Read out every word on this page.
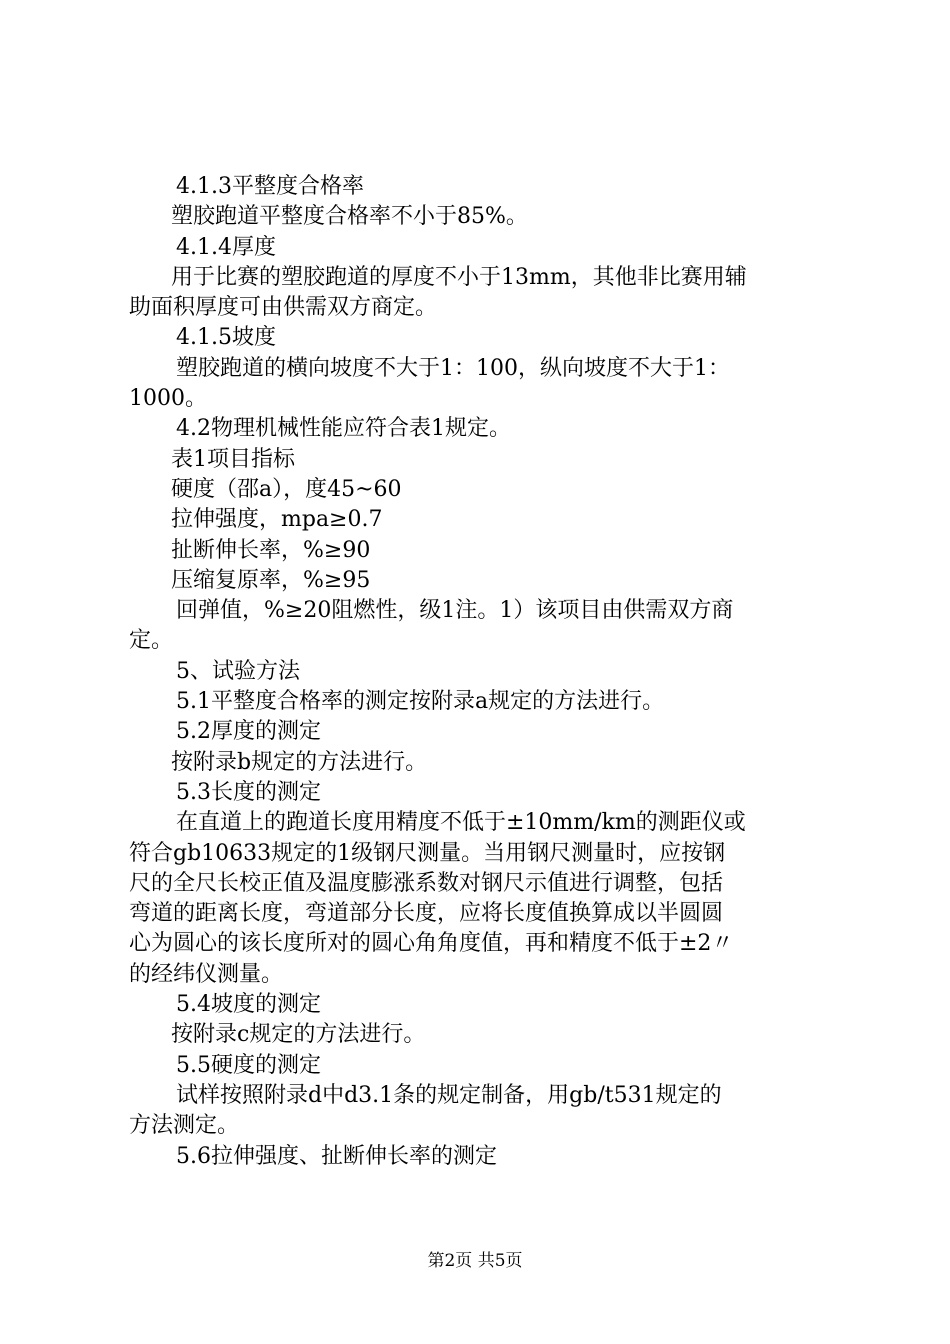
4.1.3平整度合格率
塑胶跑道平整度合格率不小于85%。
4.1.4厚度
用于比赛的塑胶跑道的厚度不小于13mm，其他非比赛用辅
助面积厚度可由供需双方商定。
4.1.5坡度
塑胶跑道的横向坡度不大于1：100，纵向坡度不大于1：
1000。
4.2物理机械性能应符合表1规定。
表1项目指标
硬度（邵a），度45~60
拉伸强度，mpa≥0.7
扯断伸长率，%≥90
压缩复原率，%≥95
回弹值，%≥20阻燃性，级1注。1）该项目由供需双方商
定。
5、试验方法
5.1平整度合格率的测定按附录a规定的方法进行。
5.2厚度的测定
按附录b规定的方法进行。
5.3长度的测定
在直道上的跑道长度用精度不低于±10mm/km的测距仪或
符合gb10633规定的1级钢尺测量。当用钢尺测量时，应按钢
尺的全尺长校正值及温度膨涨系数对钢尺示值进行调整，包括
弯道的距离长度，弯道部分长度，应将长度值换算成以半圆圆
心为圆心的该长度所对的圆心角角度值，再和精度不低于±2〃
的经纬仪测量。
5.4坡度的测定
按附录c规定的方法进行。
5.5硬度的测定
试样按照附录d中d3.1条的规定制备，用gb/t531规定的
方法测定。
5.6拉伸强度、扯断伸长率的测定
第2页 共5页
